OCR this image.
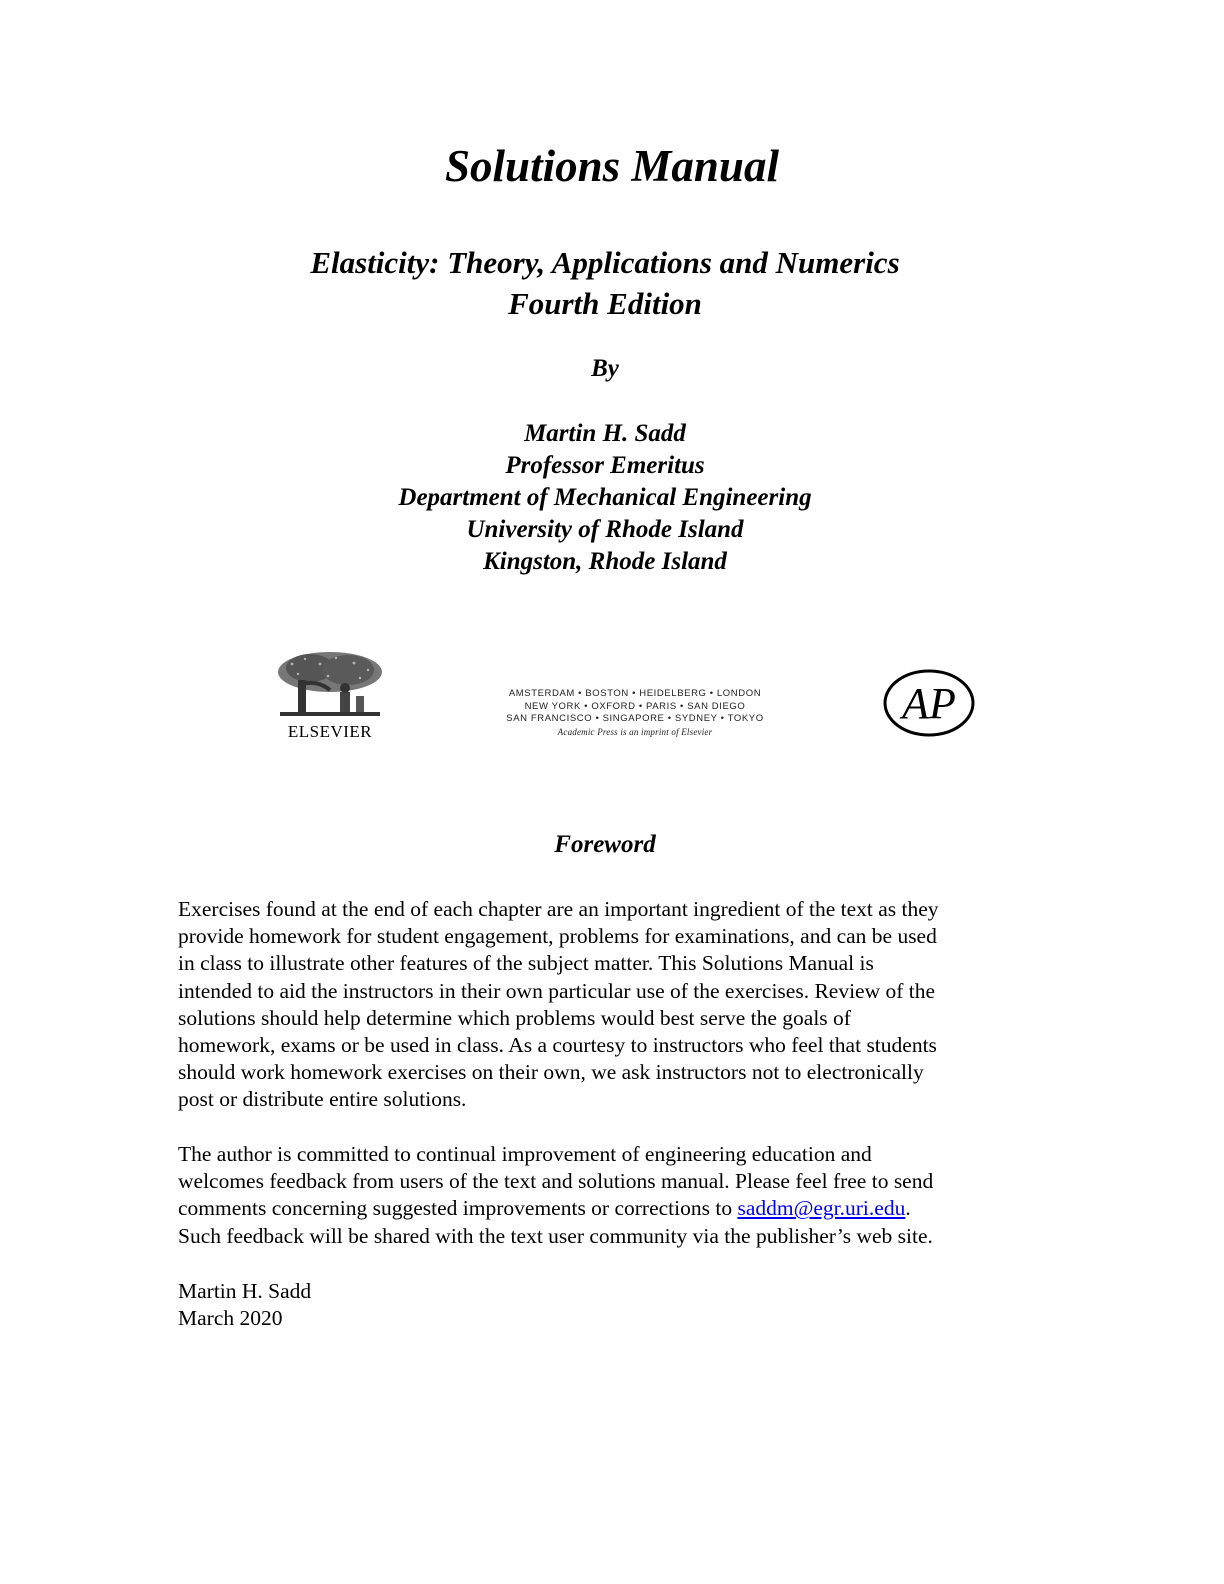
Solutions Manual
Elasticity: Theory, Applications and Numerics
Fourth Edition
By
Martin H. Sadd
Professor Emeritus
Department of Mechanical Engineering
University of Rhode Island
Kingston, Rhode Island
ELSEVIER
AMSTERDAM • BOSTON • HEIDELBERG • LONDON
NEW YORK • OXFORD • PARIS • SAN DIEGO
SAN FRANCISCO • SINGAPORE • SYDNEY • TOKYO
Academic Press is an imprint of Elsevier
AP
Foreword
Exercises found at the end of each chapter are an important ingredient of the text as they
provide homework for student engagement, problems for examinations, and can be used
in class to illustrate other features of the subject matter. This Solutions Manual is
intended to aid the instructors in their own particular use of the exercises. Review of the
solutions should help determine which problems would best serve the goals of
homework, exams or be used in class. As a courtesy to instructors who feel that students
should work homework exercises on their own, we ask instructors not to electronically
post or distribute entire solutions.
The author is committed to continual improvement of engineering education and
welcomes feedback from users of the text and solutions manual. Please feel free to send
comments concerning suggested improvements or corrections to saddm@egr.uri.edu.
Such feedback will be shared with the text user community via the publisher’s web site.
Martin H. Sadd
March 2020
